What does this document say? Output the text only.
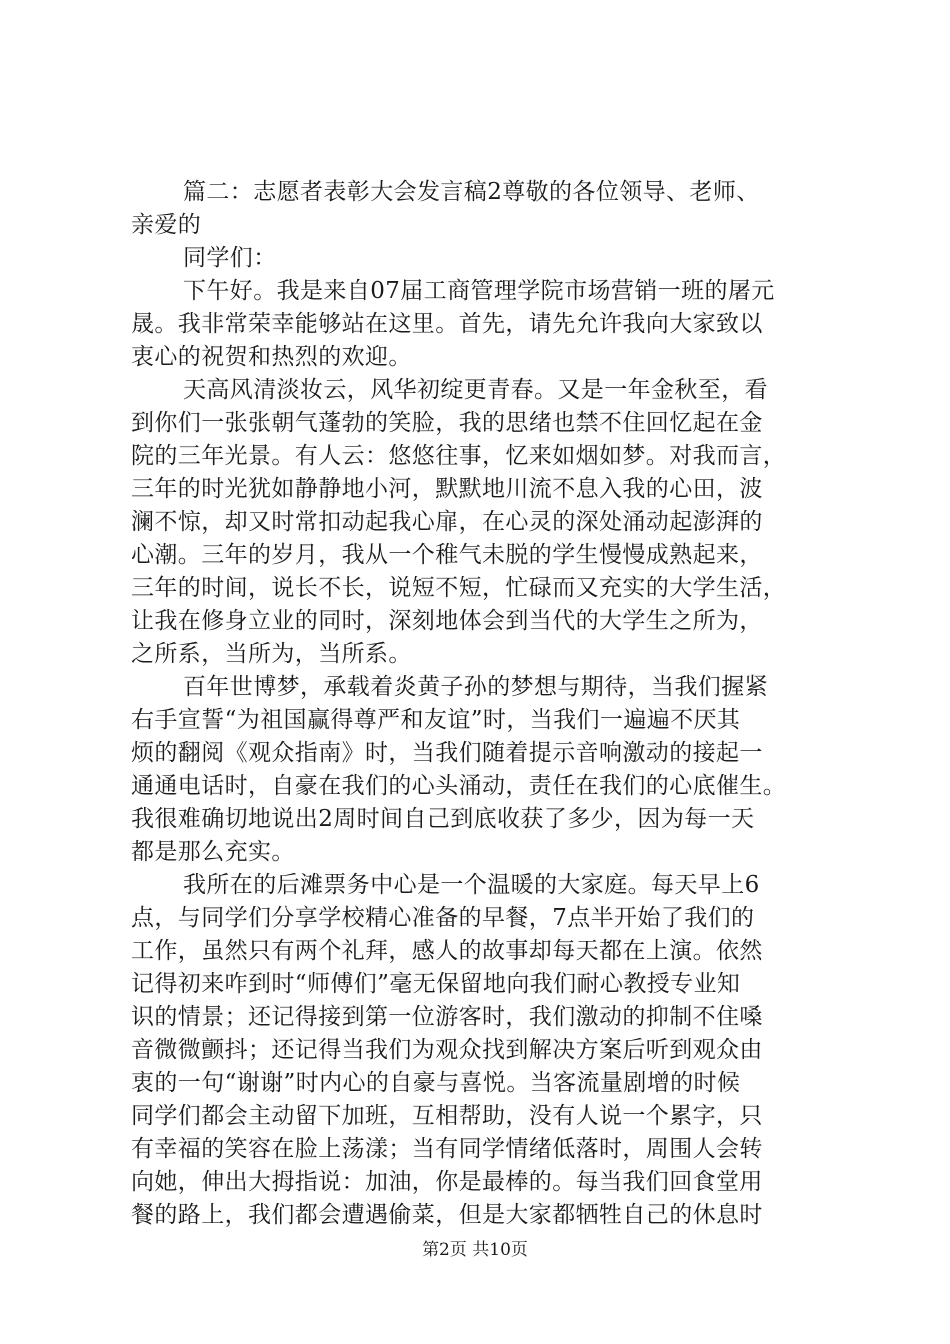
篇二：志愿者表彰大会发言稿2尊敬的各位领导、老师、
亲爱的
同学们：
下午好。我是来自07届工商管理学院市场营销一班的屠元
晟。我非常荣幸能够站在这里。首先，请先允许我向大家致以
衷心的祝贺和热烈的欢迎。
天高风清淡妆云，风华初绽更青春。又是一年金秋至，看
到你们一张张朝气蓬勃的笑脸，我的思绪也禁不住回忆起在金
院的三年光景。有人云：悠悠往事，忆来如烟如梦。对我而言，
三年的时光犹如静静地小河，默默地川流不息入我的心田，波
澜不惊，却又时常扣动起我心扉，在心灵的深处涌动起澎湃的
心潮。三年的岁月，我从一个稚气未脱的学生慢慢成熟起来，
三年的时间，说长不长，说短不短，忙碌而又充实的大学生活，
让我在修身立业的同时，深刻地体会到当代的大学生之所为，
之所系，当所为，当所系。
百年世博梦，承载着炎黄子孙的梦想与期待，当我们握紧
右手宣誓“为祖国赢得尊严和友谊”时，当我们一遍遍不厌其
烦的翻阅《观众指南》时，当我们随着提示音响激动的接起一
通通电话时，自豪在我们的心头涌动，责任在我们的心底催生。
我很难确切地说出2周时间自己到底收获了多少，因为每一天
都是那么充实。
我所在的后滩票务中心是一个温暖的大家庭。每天早上6
点，与同学们分享学校精心准备的早餐，7点半开始了我们的
工作，虽然只有两个礼拜，感人的故事却每天都在上演。依然
记得初来咋到时“师傅们”毫无保留地向我们耐心教授专业知
识的情景；还记得接到第一位游客时，我们激动的抑制不住嗓
音微微颤抖；还记得当我们为观众找到解决方案后听到观众由
衷的一句“谢谢”时内心的自豪与喜悦。当客流量剧增的时候
同学们都会主动留下加班，互相帮助，没有人说一个累字，只
有幸福的笑容在脸上荡漾；当有同学情绪低落时，周围人会转
向她，伸出大拇指说：加油，你是最棒的。每当我们回食堂用
餐的路上，我们都会遭遇偷菜，但是大家都牺牲自己的休息时
第2页 共10页
